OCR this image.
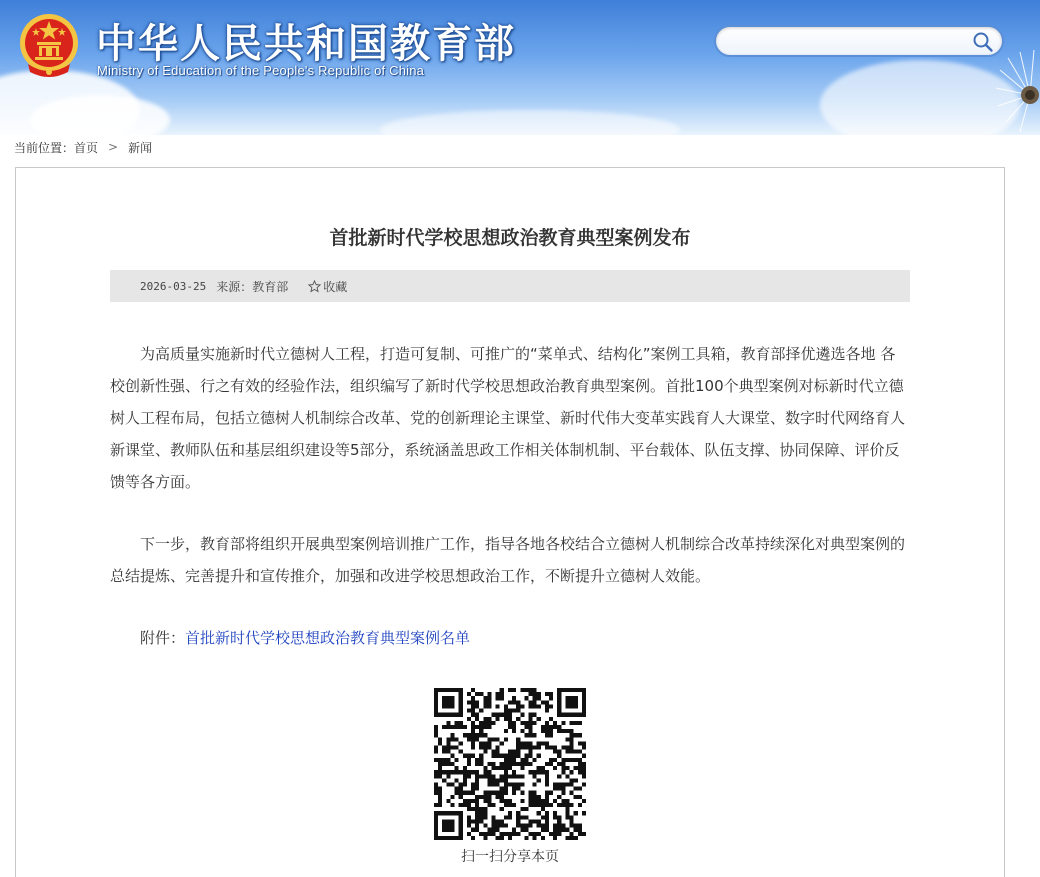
中华人民共和国教育部
Ministry of Education of the People's Republic of China
当前位置： 首页 > 新闻
首批新时代学校思想政治教育典型案例发布
2026-03-25 来源：教育部	收藏

为高质量实施新时代立德树人工程，打造可复制、可推广的“菜单式、结构化”案例工具箱，教育部择优遴选各地 各校创新性强、行之有效的经验作法，组织编写了新时代学校思想政治教育典型案例。首批100个典型案例对标新时代立德树人工程布局，包括立德树人机制综合改革、党的创新理论主课堂、新时代伟大变革实践育人大课堂、数字时代网络育人新课堂、教师队伍和基层组织建设等5部分，系统涵盖思政工作相关体制机制、平台载体、队伍支撑、协同保障、评价反馈等各方面。

下一步，教育部将组织开展典型案例培训推广工作，指导各地各校结合立德树人机制综合改革持续深化对典型案例的总结提炼、完善提升和宣传推介，加强和改进学校思想政治工作，不断提升立德树人效能。

附件：首批新时代学校思想政治教育典型案例名单

扫一扫分享本页
